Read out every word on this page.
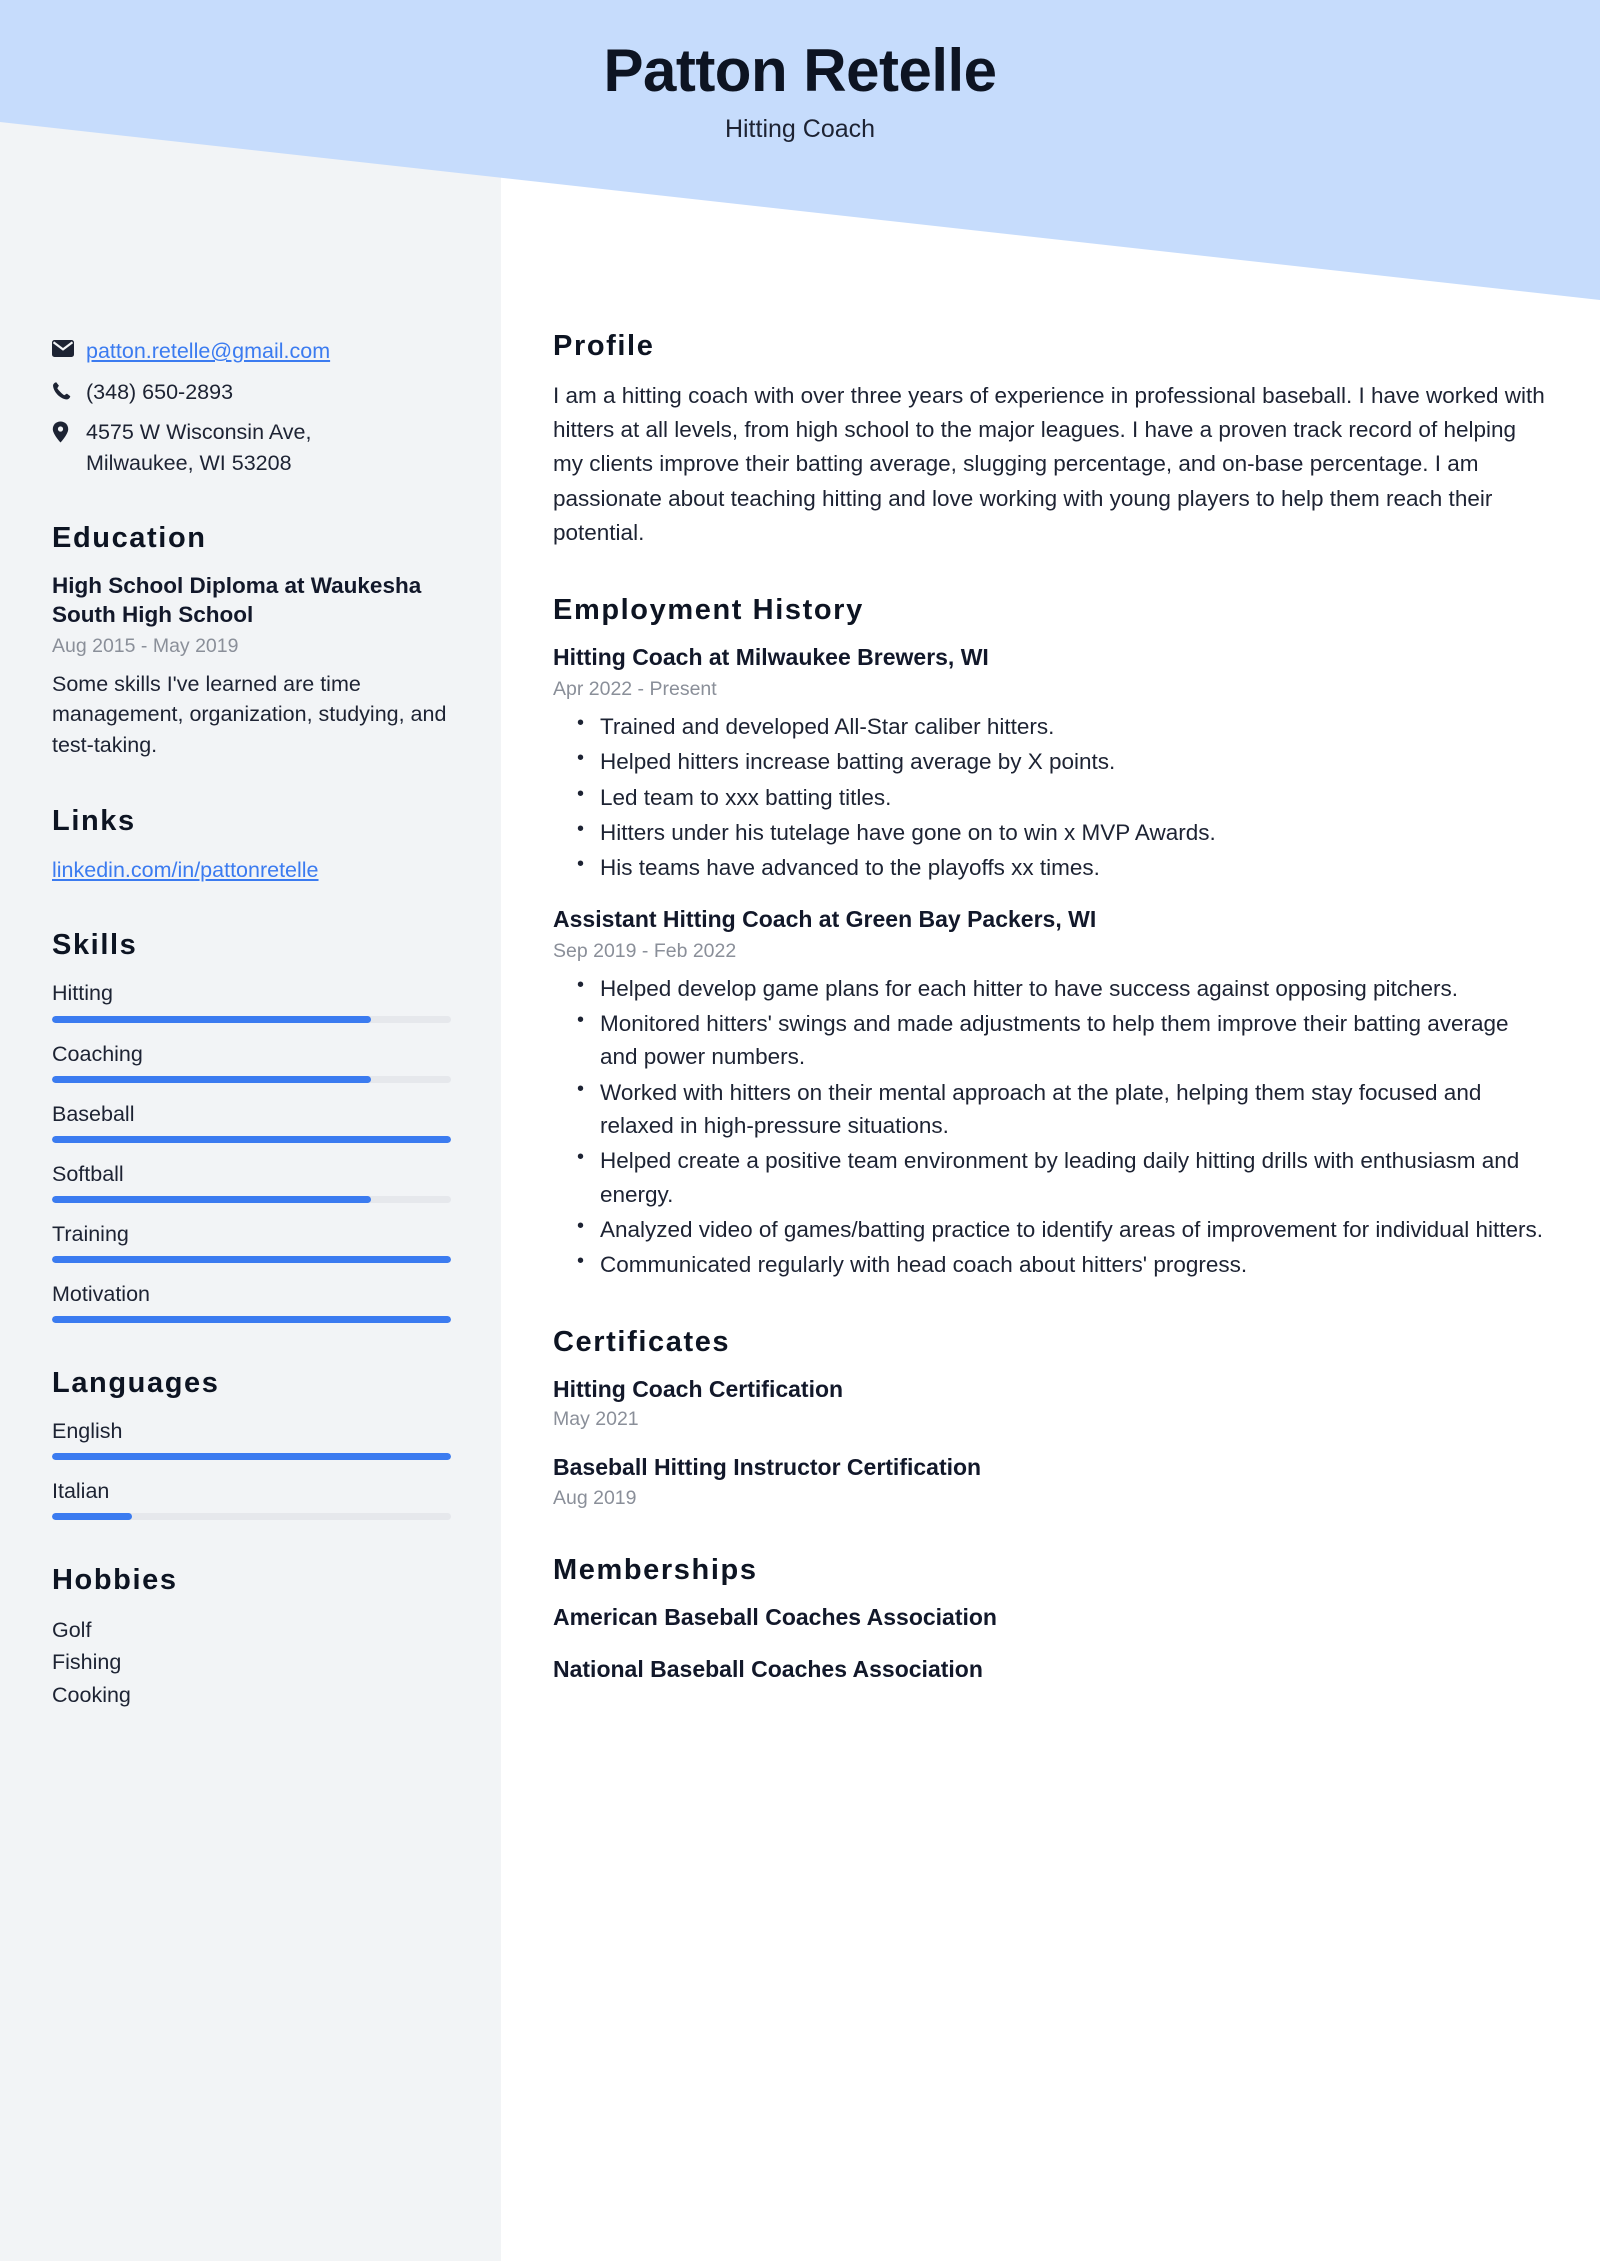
Patton Retelle
Hitting Coach
patton.retelle@gmail.com
(348) 650-2893
4575 W Wisconsin Ave,
Milwaukee, WI 53208
Education
High School Diploma at Waukesha South High School
Aug 2015 - May 2019
Some skills I've learned are time management, organization, studying, and test-taking.
Links
linkedin.com/in/pattonretelle
Skills
Hitting
Coaching
Baseball
Softball
Training
Motivation
Languages
English
Italian
Hobbies
Golf
Fishing
Cooking
Profile
I am a hitting coach with over three years of experience in professional baseball. I have worked with hitters at all levels, from high school to the major leagues. I have a proven track record of helping my clients improve their batting average, slugging percentage, and on-base percentage. I am passionate about teaching hitting and love working with young players to help them reach their potential.
Employment History
Hitting Coach at Milwaukee Brewers, WI
Apr 2022 - Present
• Trained and developed All-Star caliber hitters.
• Helped hitters increase batting average by X points.
• Led team to xxx batting titles.
• Hitters under his tutelage have gone on to win x MVP Awards.
• His teams have advanced to the playoffs xx times.
Assistant Hitting Coach at Green Bay Packers, WI
Sep 2019 - Feb 2022
• Helped develop game plans for each hitter to have success against opposing pitchers.
• Monitored hitters' swings and made adjustments to help them improve their batting average and power numbers.
• Worked with hitters on their mental approach at the plate, helping them stay focused and relaxed in high-pressure situations.
• Helped create a positive team environment by leading daily hitting drills with enthusiasm and energy.
• Analyzed video of games/batting practice to identify areas of improvement for individual hitters.
• Communicated regularly with head coach about hitters' progress.
Certificates
Hitting Coach Certification
May 2021
Baseball Hitting Instructor Certification
Aug 2019
Memberships
American Baseball Coaches Association
National Baseball Coaches Association
